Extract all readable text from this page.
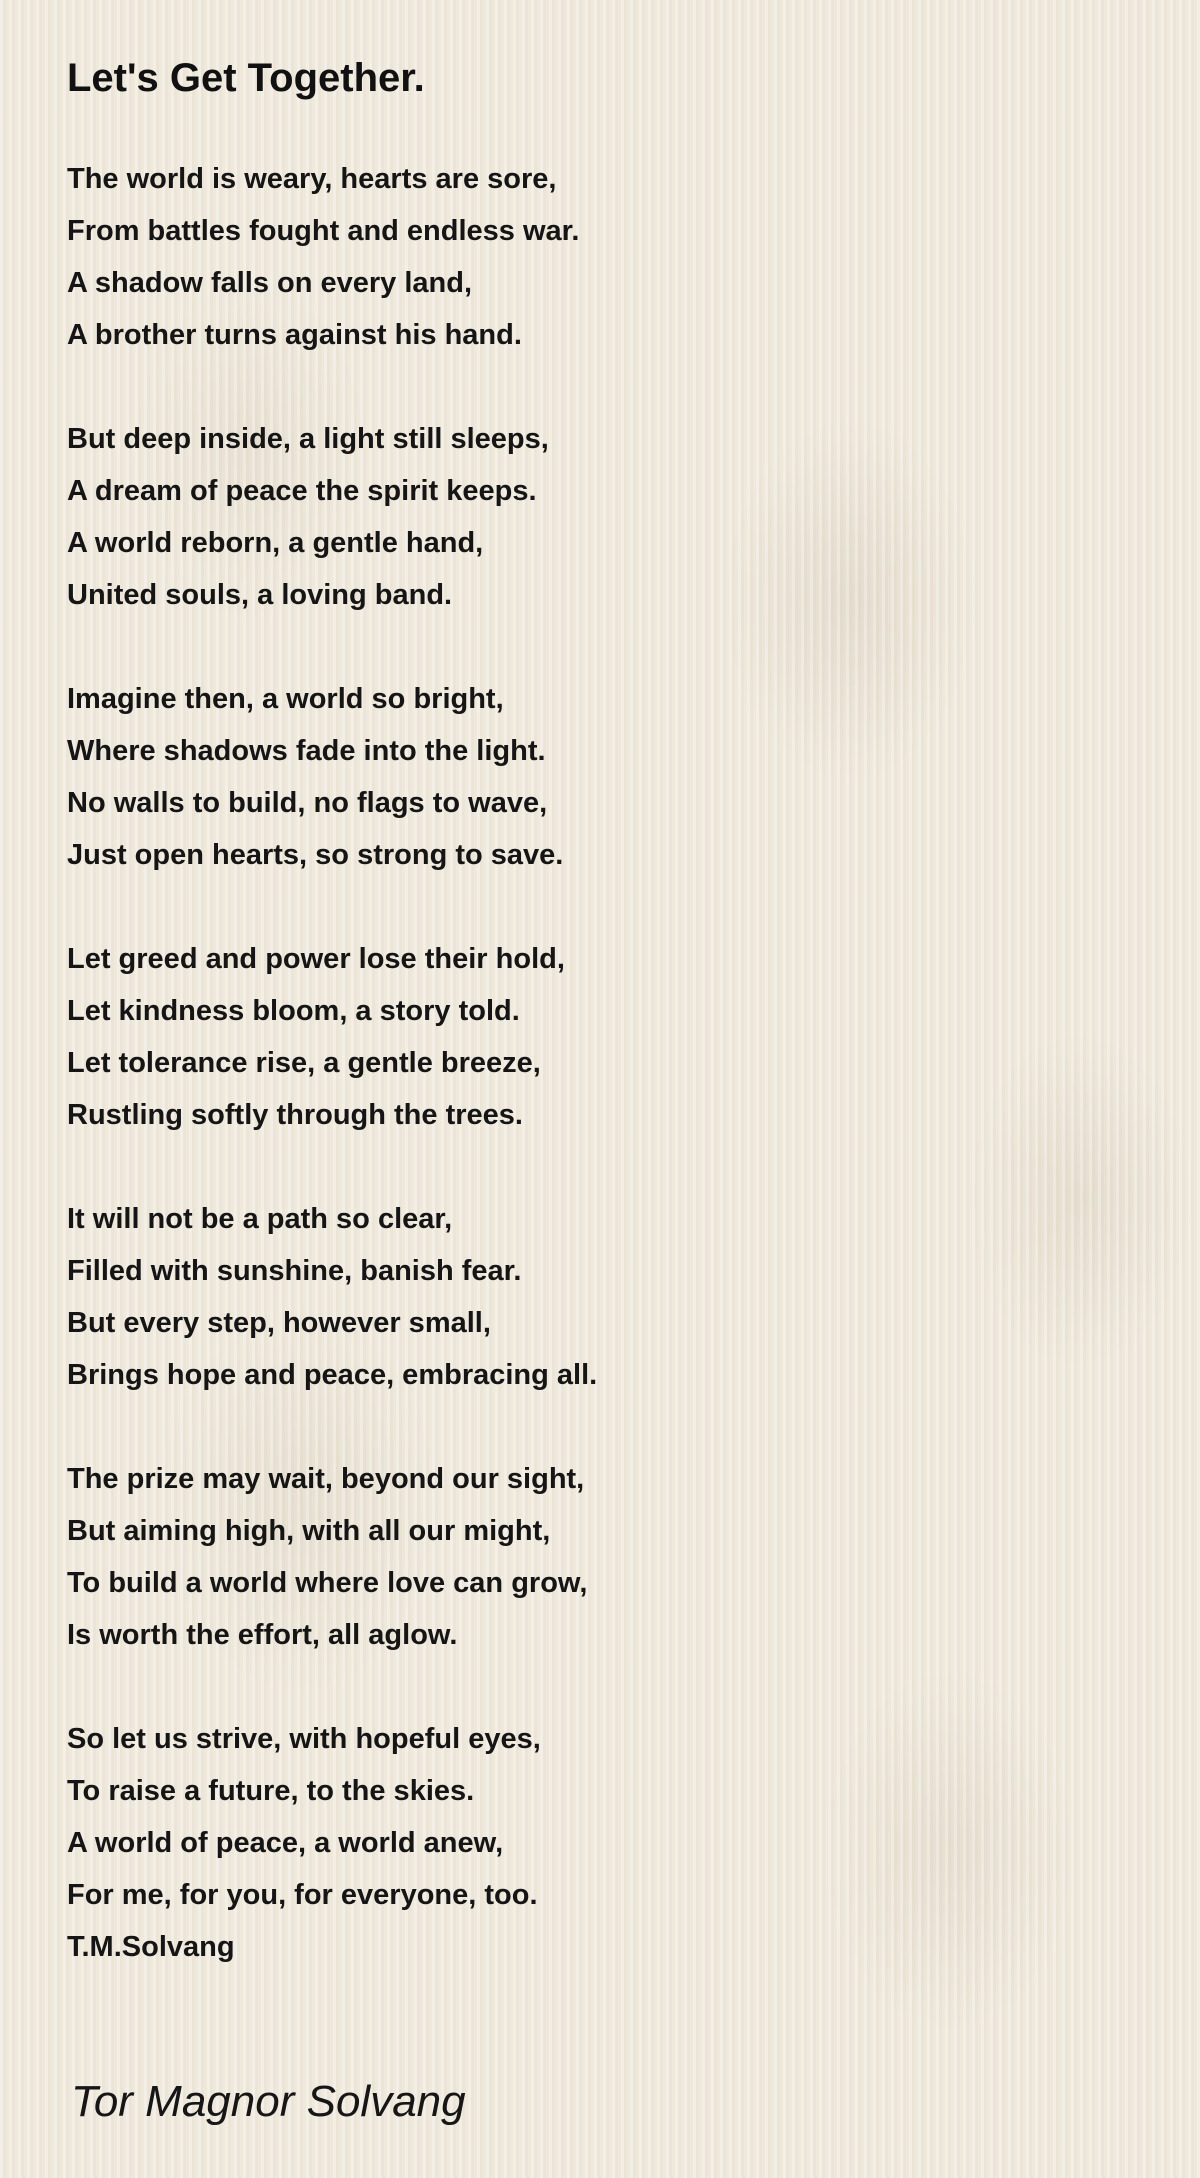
Let's Get Together.
The world is weary, hearts are sore,
From battles fought and endless war.
A shadow falls on every land,
A brother turns against his hand.
But deep inside, a light still sleeps,
A dream of peace the spirit keeps.
A world reborn, a gentle hand,
United souls, a loving band.
Imagine then, a world so bright,
Where shadows fade into the light.
No walls to build, no flags to wave,
Just open hearts, so strong to save.
Let greed and power lose their hold,
Let kindness bloom, a story told.
Let tolerance rise, a gentle breeze,
Rustling softly through the trees.
It will not be a path so clear,
Filled with sunshine, banish fear.
But every step, however small,
Brings hope and peace, embracing all.
The prize may wait, beyond our sight,
But aiming high, with all our might,
To build a world where love can grow,
Is worth the effort, all aglow.
So let us strive, with hopeful eyes,
To raise a future, to the skies.
A world of peace, a world anew,
For me, for you, for everyone, too.
T.M.Solvang
Tor Magnor Solvang
